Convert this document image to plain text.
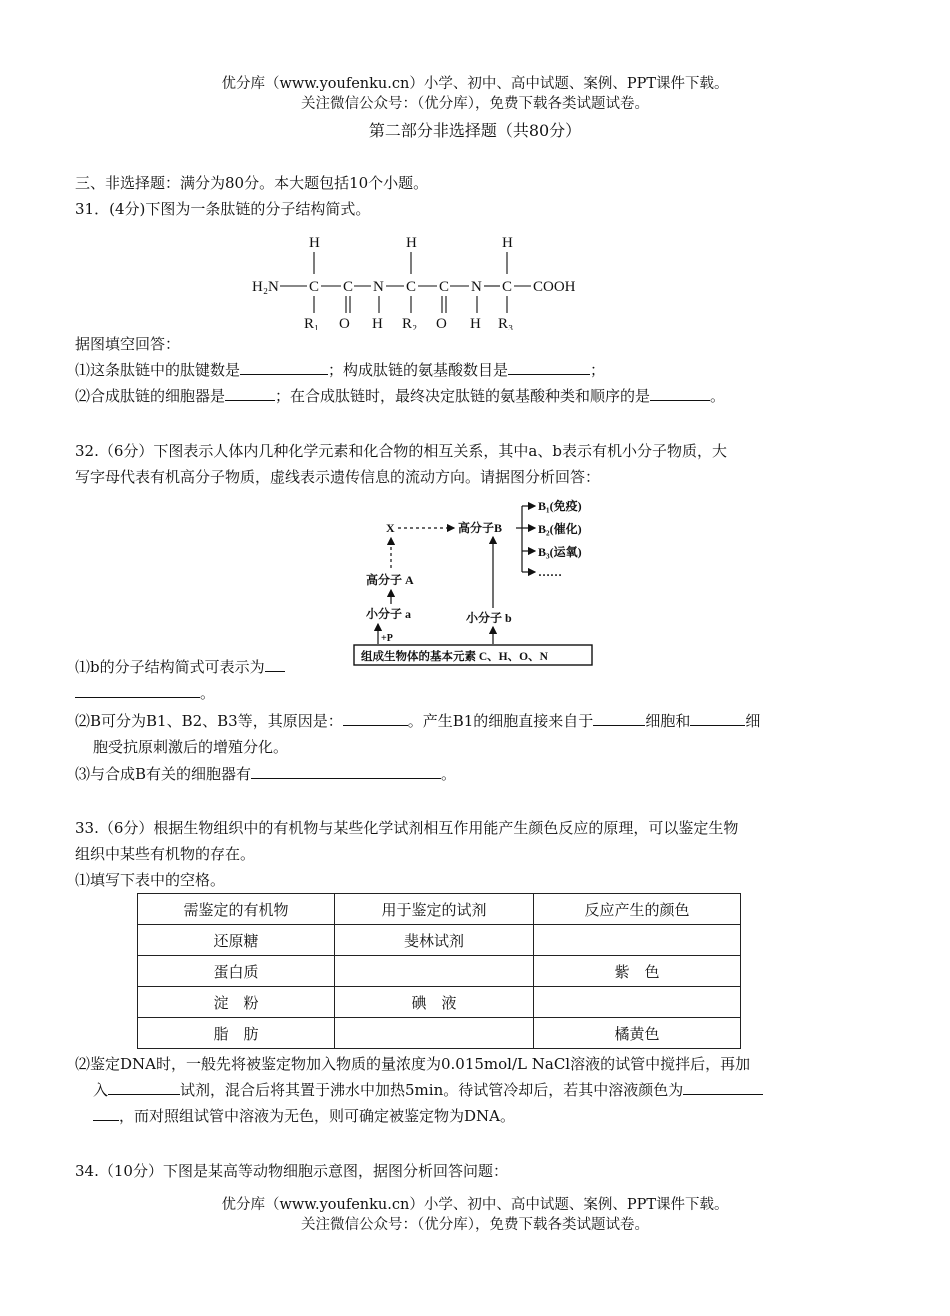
优分库（www.youfenku.cn）小学、初中、高中试题、案例、PPT课件下载。
关注微信公众号：（优分库），免费下载各类试题试卷。
第二部分非选择题（共80分）
三、非选择题：满分为80分。本大题包括10个小题。
31．(4分)下图为一条肽链的分子结构简式。
H	H	H
H₂N C C N C C N C COOH
R₁ O H R₂ O H R₃
据图填空回答：
⑴这条肽链中的肽键数是	；构成肽链的氨基酸数目是	；
⑵合成肽链的细胞器是	；在合成肽链时，最终决定肽链的氨基酸种类和顺序的是	。
32.（6分）下图表示人体内几种化学元素和化合物的相互关系，其中a、b表示有机小分子物质，大
写字母代表有机高分子物质，虚线表示遗传信息的流动方向。请据图分析回答：
X	高分子B
高分子 A
小分子 a	小分子 b
+P
组成生物体的基本元素 C、H、O、N
B₁(免疫)
B₂(催化)
B₃(运氧)
……
⑴b的分子结构简式可表示为
。
⑵B可分为B1、B2、B3等，其原因是：	。产生B1的细胞直接来自于	细胞和	细
胞受抗原刺激后的增殖分化。
⑶与合成B有关的细胞器有	。
33.（6分）根据生物组织中的有机物与某些化学试剂相互作用能产生颜色反应的原理，可以鉴定生物
组织中某些有机物的存在。
⑴填写下表中的空格。
需鉴定的有机物	用于鉴定的试剂	反应产生的颜色
还原糖	斐林试剂	
蛋白质		紫　色
淀　粉	碘　液	
脂　肪		橘黄色
⑵鉴定DNA时，一般先将被鉴定物加入物质的量浓度为0.015mol/L NaCl溶液的试管中搅拌后，再加
入	试剂，混合后将其置于沸水中加热5min。待试管冷却后，若其中溶液颜色为
，而对照组试管中溶液为无色，则可确定被鉴定物为DNA。
34.（10分）下图是某高等动物细胞示意图，据图分析回答问题：
优分库（www.youfenku.cn）小学、初中、高中试题、案例、PPT课件下载。
关注微信公众号：（优分库），免费下载各类试题试卷。
